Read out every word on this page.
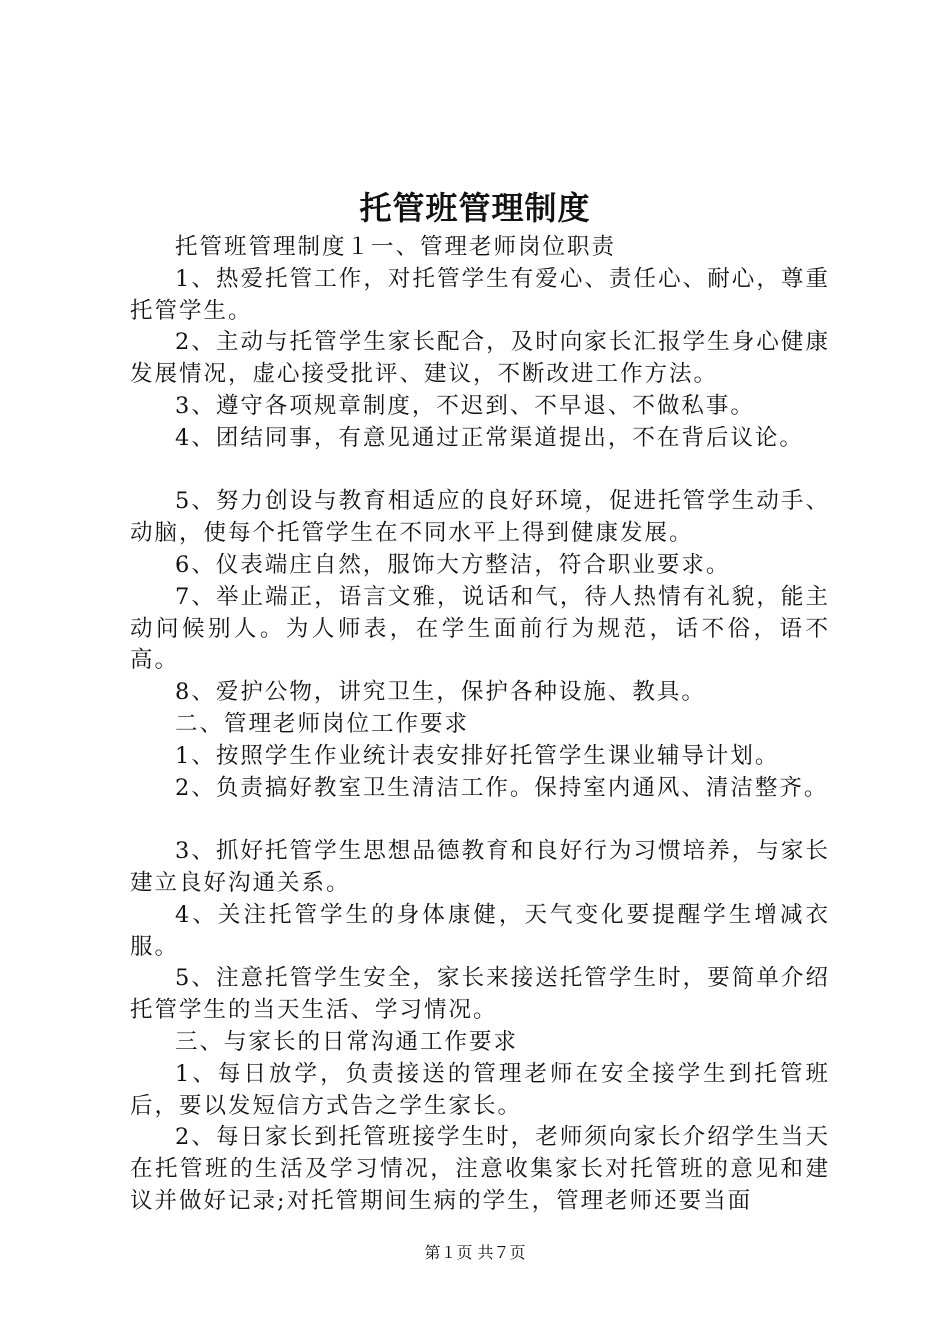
托管班管理制度

托管班管理制度１一、管理老师岗位职责

1、热爱托管工作，对托管学生有爱心、责任心、耐心，尊重托管学生。

2、主动与托管学生家长配合，及时向家长汇报学生身心健康发展情况，虚心接受批评、建议，不断改进工作方法。

3、遵守各项规章制度，不迟到、不早退、不做私事。

4、团结同事，有意见通过正常渠道提出，不在背后议论。

5、努力创设与教育相适应的良好环境，促进托管学生动手、动脑，使每个托管学生在不同水平上得到健康发展。

6、仪表端庄自然，服饰大方整洁，符合职业要求。

7、举止端正，语言文雅，说话和气，待人热情有礼貌，能主动问候别人。为人师表，在学生面前行为规范，话不俗，语不高。

8、爱护公物，讲究卫生，保护各种设施、教具。

二、管理老师岗位工作要求

1、按照学生作业统计表安排好托管学生课业辅导计划。

2、负责搞好教室卫生清洁工作。保持室内通风、清洁整齐。

3、抓好托管学生思想品德教育和良好行为习惯培养，与家长建立良好沟通关系。

4、关注托管学生的身体康健，天气变化要提醒学生增减衣服。

5、注意托管学生安全，家长来接送托管学生时，要简单介绍托管学生的当天生活、学习情况。

三、与家长的日常沟通工作要求

1、每日放学，负责接送的管理老师在安全接学生到托管班后，要以发短信方式告之学生家长。

2、每日家长到托管班接学生时，老师须向家长介绍学生当天在托管班的生活及学习情况，注意收集家长对托管班的意见和建议并做好记录;对托管期间生病的学生，管理老师还要当面

第１页 共７页
